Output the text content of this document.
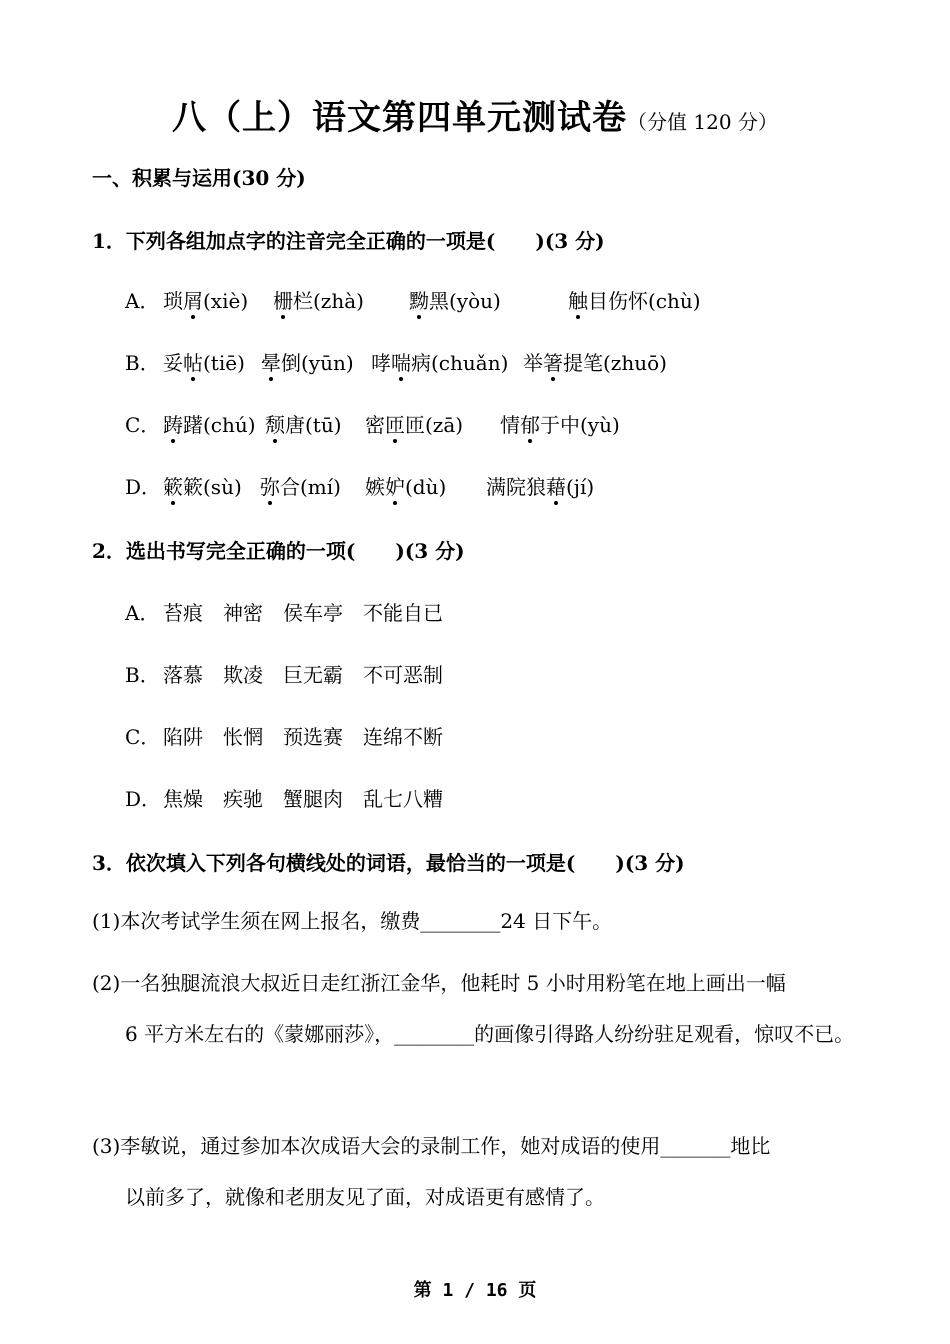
八（上）语文第四单元测试卷（分值 120 分）
一、积累与运用(30 分)
1．下列各组加点字的注音完全正确的一项是(　　)(3 分)
A． 琐屑(xiè) 栅栏(zhà) 黝黑(yòu)	触目伤怀(chù)
B． 妥帖(tiē) 晕倒(yūn) 哮喘病(chuǎn) 举箸提笔(zhuō)
C． 踌躇(chú) 颓唐(tū) 密匝匝(zā) 情郁于中(yù)
D． 簌簌(sù) 弥合(mí) 嫉妒(dù) 满院狼藉(jí)
2．选出书写完全正确的一项(　　)(3 分)
A． 苔痕　神密　侯车亭　不能自已
B． 落慕　欺凌　巨无霸　不可恶制
C． 陷阱　怅惘　预选赛　连绵不断
D．焦燥　疾驰　蟹腿肉　乱七八糟
3．依次填入下列各句横线处的词语，最恰当的一项是(　　)(3 分)
(1)本次考试学生须在网上报名，缴费________24 日下午。
(2)一名独腿流浪大叔近日走红浙江金华，他耗时 5 小时用粉笔在地上画出一幅
6 平方米左右的《蒙娜丽莎》，________的画像引得路人纷纷驻足观看，惊叹不已。
(3)李敏说，通过参加本次成语大会的录制工作，她对成语的使用_______地比
以前多了，就像和老朋友见了面，对成语更有感情了。
第 1 / 16 页
